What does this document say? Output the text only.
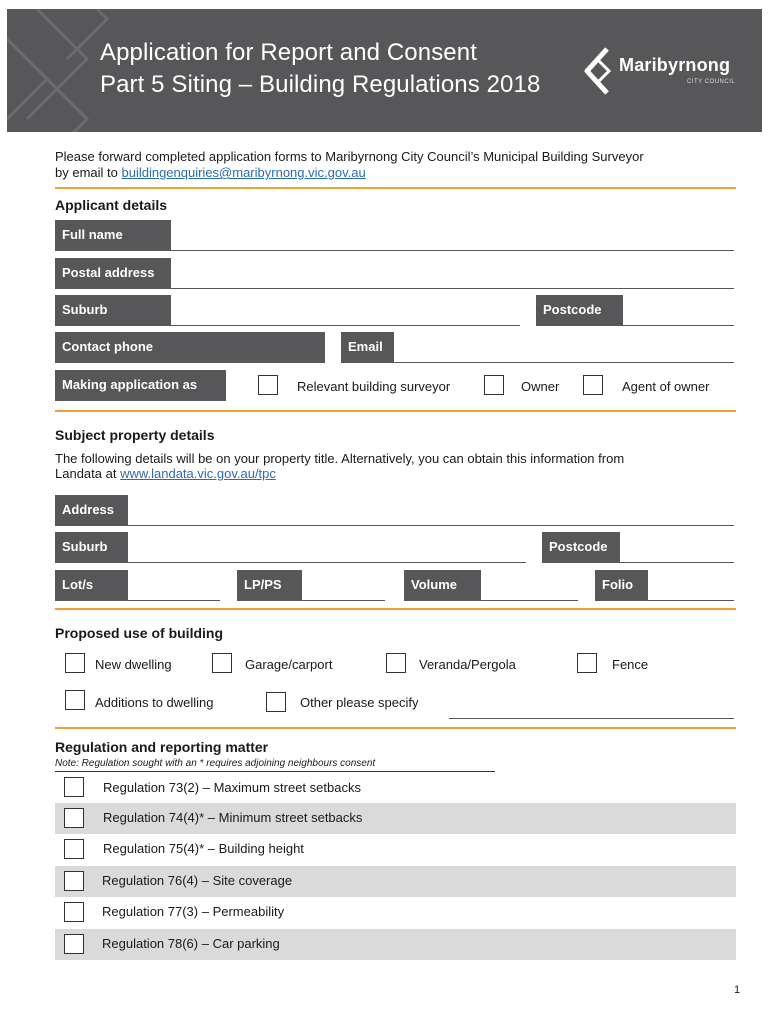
Application for Report and Consent
Part 5 Siting – Building Regulations 2018
Maribyrnong
CITY COUNCIL
Please forward completed application forms to Maribyrnong City Council’s Municipal Building Surveyor
by email to buildingenquiries@maribyrnong.vic.gov.au
Applicant details
Full name
Postal address
Suburb	Postcode
Contact phone	Email
Making application as	Relevant building surveyor	Owner	Agent of owner
Subject property details
The following details will be on your property title. Alternatively, you can obtain this information from
Landata at www.landata.vic.gov.au/tpc
Address
Suburb	Postcode
Lot/s	LP/PS	Volume	Folio
Proposed use of building
New dwelling	Garage/carport	Veranda/Pergola	Fence
Additions to dwelling	Other please specify
Regulation and reporting matter
Note: Regulation sought with an * requires adjoining neighbours consent
Regulation 73(2) – Maximum street setbacks
Regulation 74(4)* – Minimum street setbacks
Regulation 75(4)* – Building height
Regulation 76(4) – Site coverage
Regulation 77(3) – Permeability
Regulation 78(6) – Car parking
1
